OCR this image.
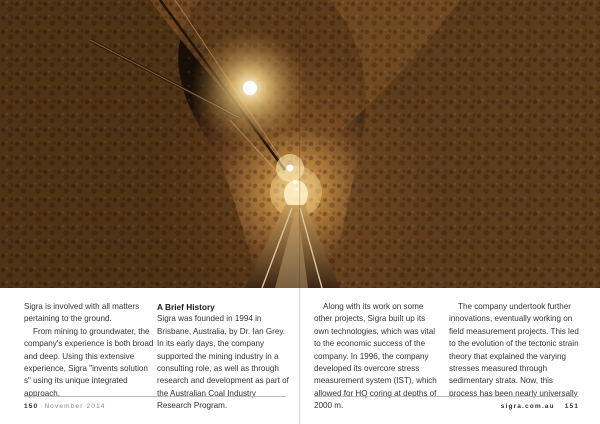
Sigra is involved with all matters pertaining to the ground.

From mining to groundwater, the company's experience is both broad and deep. Using this extensive experience, Sigra "invents solution s" using its unique integrated approach.

A Brief History

Sigra was founded in 1994 in Brisbane, Australia, by Dr. Ian Grey. In its early days, the company supported the mining industry in a consulting role, as well as through research and development as part of the Australian Coal Industry Research Program.

Along with its work on some other projects, Sigra built up its own technologies, which was vital to the economic success of the company. In 1996, the company developed its overcore stress measurement system (IST), which allowed for HQ coring at depths of 2000 m.

The company undertook further innovations, eventually working on field measurement projects. This led to the evolution of the tectonic strain theory that explained the varying stresses measured through sedimentary strata. Now, this process has been nearly universally

150 November 2014	sigra.com.au 151
